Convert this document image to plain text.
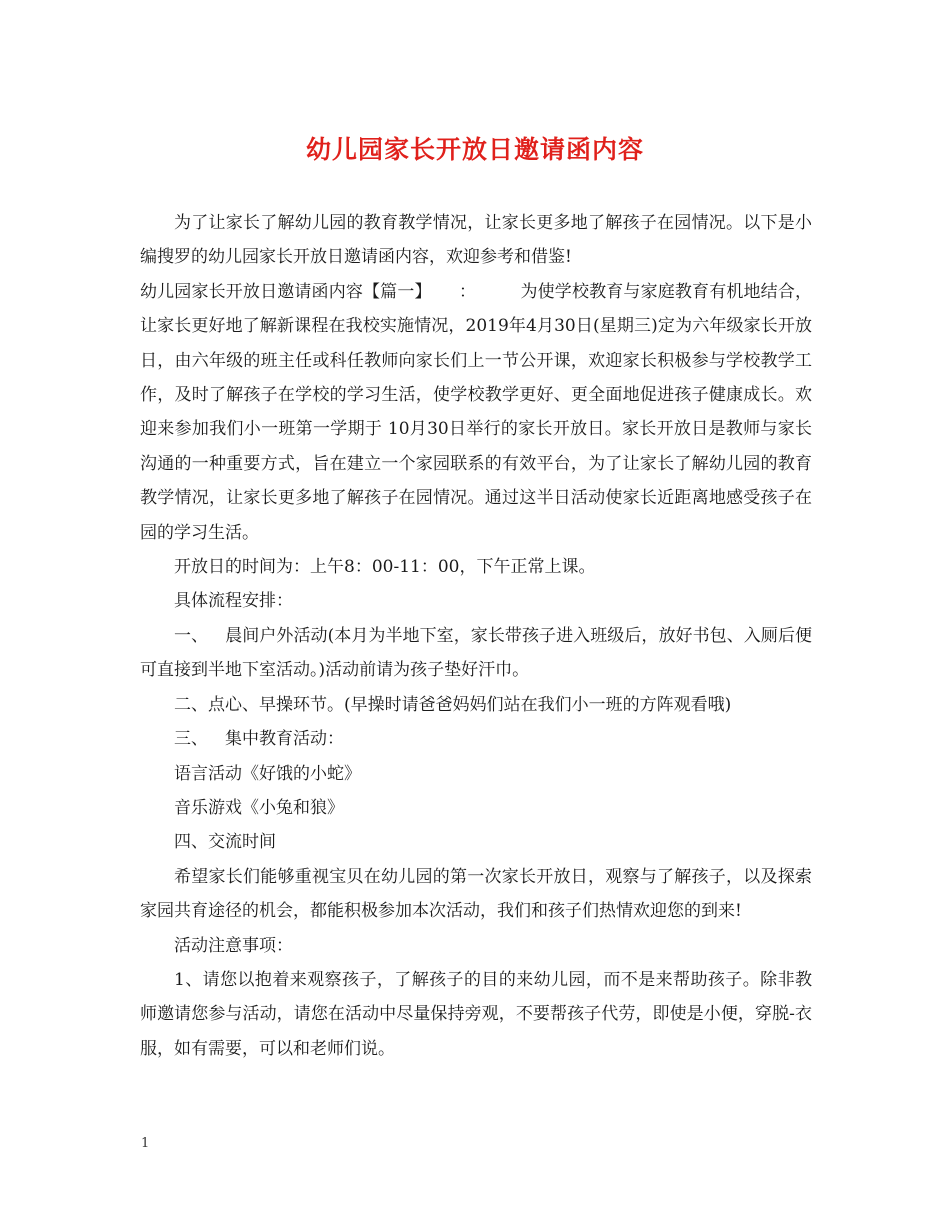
幼儿园家长开放日邀请函内容

为了让家长了解幼儿园的教育教学情况，让家长更多地了解孩子在园情况。以下是小编搜罗的幼儿园家长开放日邀请函内容，欢迎参考和借鉴!

幼儿园家长开放日邀请函内容【篇一】 ：	为使学校教育与家庭教育有机地结合，让家长更好地了解新课程在我校实施情况，2019年4月30日(星期三)定为六年级家长开放日，由六年级的班主任或科任教师向家长们上一节公开课，欢迎家长积极参与学校教学工作，及时了解孩子在学校的学习生活，使学校教学更好、更全面地促进孩子健康成长。欢迎来参加我们小一班第一学期于 10月30日举行的家长开放日。家长开放日是教师与家长沟通的一种重要方式，旨在建立一个家园联系的有效平台，为了让家长了解幼儿园的教育教学情况，让家长更多地了解孩子在园情况。通过这半日活动使家长近距离地感受孩子在园的学习生活。

开放日的时间为：上午8：00-11：00，下午正常上课。

具体流程安排：

一、  晨间户外活动(本月为半地下室，家长带孩子进入班级后，放好书包、入厕后便可直接到半地下室活动。)活动前请为孩子垫好汗巾。

二、点心、早操环节。(早操时请爸爸妈妈们站在我们小一班的方阵观看哦)

三、  集中教育活动：

语言活动《好饿的小蛇》

音乐游戏《小兔和狼》

四、交流时间

希望家长们能够重视宝贝在幼儿园的第一次家长开放日，观察与了解孩子，以及探索家园共育途径的机会，都能积极参加本次活动，我们和孩子们热情欢迎您的到来!

活动注意事项：

1、请您以抱着来观察孩子，了解孩子的目的来幼儿园，而不是来帮助孩子。除非教师邀请您参与活动，请您在活动中尽量保持旁观，不要帮孩子代劳，即使是小便，穿脱-衣服，如有需要，可以和老师们说。

1
